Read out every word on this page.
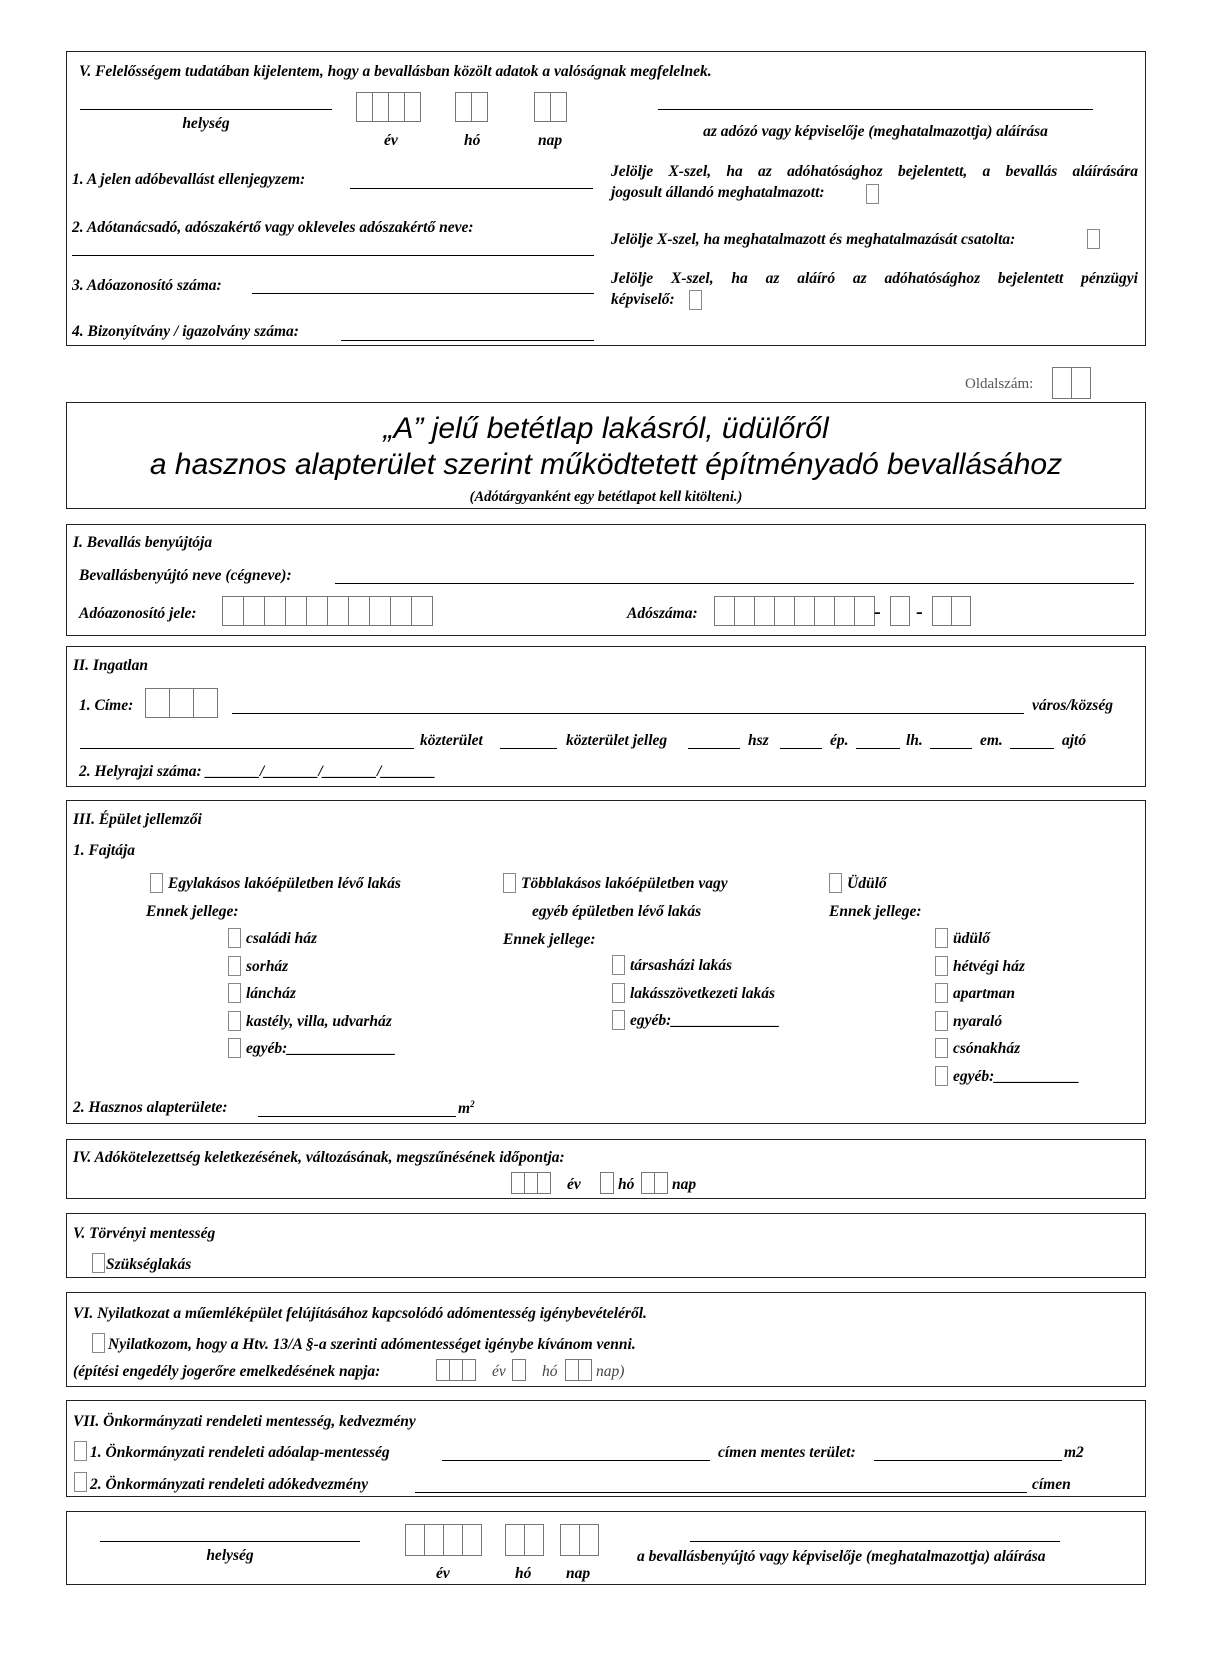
V. Felelősségem tudatában kijelentem, hogy a bevallásban közölt adatok a valóságnak megfelelnek.
helység
év	hó	nap
az adózó vagy képviselője (meghatalmazottja) aláírása
1. A jelen adóbevallást ellenjegyzem:
2. Adótanácsadó, adószakértő vagy okleveles adószakértő neve:
3. Adóazonosító száma:
4. Bizonyítvány / igazolvány száma:
Jelölje X-szel, ha az adóhatósághoz bejelentett, a bevallás aláírására
jogosult állandó meghatalmazott:
Jelölje X-szel, ha meghatalmazott és meghatalmazását csatolta:
Jelölje X-szel, ha az aláíró az adóhatósághoz bejelentett pénzügyi
képviselő:
Oldalszám:
„A” jelű betétlap lakásról, üdülőről
a hasznos alapterület szerint működtetett építményadó bevallásához
(Adótárgyanként egy betétlapot kell kitölteni.)
I. Bevallás benyújtója
Bevallásbenyújtó neve (cégneve):
Adóazonosító jele:	Adószáma:	- -
II. Ingatlan
1. Címe:	város/község
közterület	közterület jelleg	hsz	ép.	lh.	em.	ajtó
2. Helyrajzi száma: _______/_______/_______/_______
III. Épület jellemzői
1. Fajtája
Egylakásos lakóépületben lévő lakás
Ennek jellege:
családi ház
sorház
láncház
kastély, villa, udvarház
egyéb:______________
Többlakásos lakóépületben vagy
egyéb épületben lévő lakás
Ennek jellege:
társasházi lakás
lakásszövetkezeti lakás
egyéb:______________
Üdülő
Ennek jellege:
üdülő
hétvégi ház
apartman
nyaraló
csónakház
egyéb:___________
2. Hasznos alapterülete:	$m^2$
IV. Adókötelezettség keletkezésének, változásának, megszűnésének időpontja:
év hó nap
V. Törvényi mentesség
Szükséglakás
VI. Nyilatkozat a műemléképület felújításához kapcsolódó adómentesség igénybevételéről.
Nyilatkozom, hogy a Htv. 13/A §-a szerinti adómentességet igénybe kívánom venni.
(építési engedély jogerőre emelkedésének napja:	év hó nap)
VII. Önkormányzati rendeleti mentesség, kedvezmény
1. Önkormányzati rendeleti adóalap-mentesség	címen mentes terület:	m2
2. Önkormányzati rendeleti adókedvezmény	címen
helység
év	hó nap
a bevallásbenyújtó vagy képviselője (meghatalmazottja) aláírása
